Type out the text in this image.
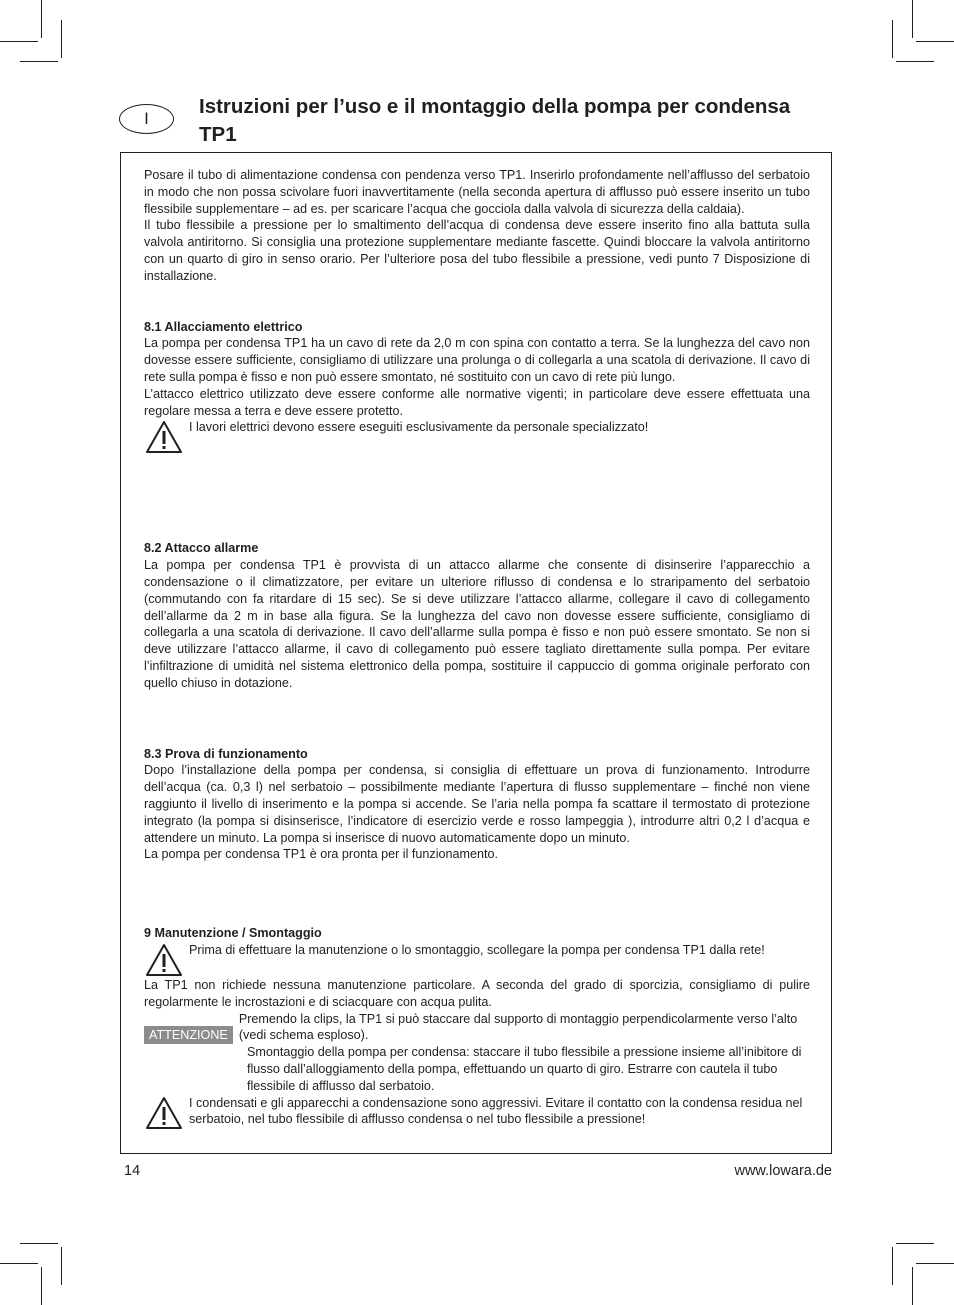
I
Istruzioni per l’uso e il montaggio della pompa per condensa TP1

Posare il tubo di alimentazione condensa con pendenza verso TP1. Inserirlo profondamente nell’afflusso del serbatoio in modo che non possa scivolare fuori inavvertitamente (nella seconda apertura di afflusso può essere inserito un tubo flessibile supplementare – ad es. per scaricare l’acqua che gocciola dalla valvola di sicurezza della caldaia).

Il tubo flessibile a pressione per lo smaltimento dell’acqua di condensa deve essere inserito fino alla battuta sulla valvola antiritorno. Si consiglia una protezione supplementare mediante fascette. Quindi bloccare la valvola antiritorno con un quarto di giro in senso orario. Per l’ulteriore posa del tubo flessibile a pressione, vedi punto 7 Disposizione di installazione.

8.1 Allacciamento elettrico

La pompa per condensa TP1 ha un cavo di rete da 2,0 m con spina con contatto a terra. Se la lunghezza del cavo non dovesse essere sufficiente, consigliamo di utilizzare una prolunga o di collegarla a una scatola di derivazione. Il cavo di rete sulla pompa è fisso e non può essere smontato, né sostituito con un cavo di rete più lungo.

L’attacco elettrico utilizzato deve essere conforme alle normative vigenti; in particolare deve essere effettuata una regolare messa a terra e deve essere protetto.

I lavori elettrici devono essere eseguiti esclusivamente da personale specializzato!
8.2 Attacco allarme

La pompa per condensa TP1 è provvista di un attacco allarme che consente di disinserire l’apparecchio a condensazione o il climatizzatore, per evitare un ulteriore riflusso di condensa e lo straripamento del serbatoio (commutando con fa ritardare di 15 sec). Se si deve utilizzare l’attacco allarme, collegare il cavo di collegamento dell’allarme da 2 m in base alla figura. Se la lunghezza del cavo non dovesse essere sufficiente, consigliamo di collegarla a una scatola di derivazione. Il cavo dell’allarme sulla pompa è fisso e non può essere smontato. Se non si deve utilizzare l’attacco allarme, il cavo di collegamento può essere tagliato direttamente sulla pompa. Per evitare l’infiltrazione di umidità nel sistema elettronico della pompa, sostituire il cappuccio di gomma originale perforato con quello chiuso in dotazione.

8.3 Prova di funzionamento

Dopo l’installazione della pompa per condensa, si consiglia di effettuare un prova di funzionamento. Introdurre dell’acqua (ca. 0,3 l) nel serbatoio – possibilmente mediante l’apertura di flusso supplementare – finché non viene raggiunto il livello di inserimento e la pompa si accende. Se l’aria nella pompa fa scattare il termostato di protezione integrato (la pompa si disinserisce, l’indicatore di esercizio verde e rosso lampeggia ), introdurre altri 0,2 l d’acqua e attendere un minuto. La pompa si inserisce di nuovo automaticamente dopo un minuto.

La pompa per condensa TP1 è ora pronta per il funzionamento.

9 Manutenzione / Smontaggio
Prima di effettuare la manutenzione o lo smontaggio, scollegare la pompa per condensa TP1 dalla rete!

La TP1 non richiede nessuna manutenzione particolare. A seconda del grado di sporcizia, consigliamo di pulire regolarmente le incrostazioni e di sciacquare con acqua pulita.

ATTENZIONE
Premendo la clips, la TP1 si può staccare dal supporto di montaggio perpendicolarmente verso l’alto (vedi schema esploso).
Smontaggio della pompa per condensa: staccare il tubo flessibile a pressione insieme all’inibitore di flusso dall’alloggiamento della pompa, effettuando un quarto di giro. Estrarre con cautela il tubo flessibile di afflusso dal serbatoio.
I condensati e gli apparecchi a condensazione sono aggressivi. Evitare il contatto con la condensa residua nel serbatoio, nel tubo flessibile di afflusso condensa o nel tubo flessibile a pressione!
14	www.lowara.de
